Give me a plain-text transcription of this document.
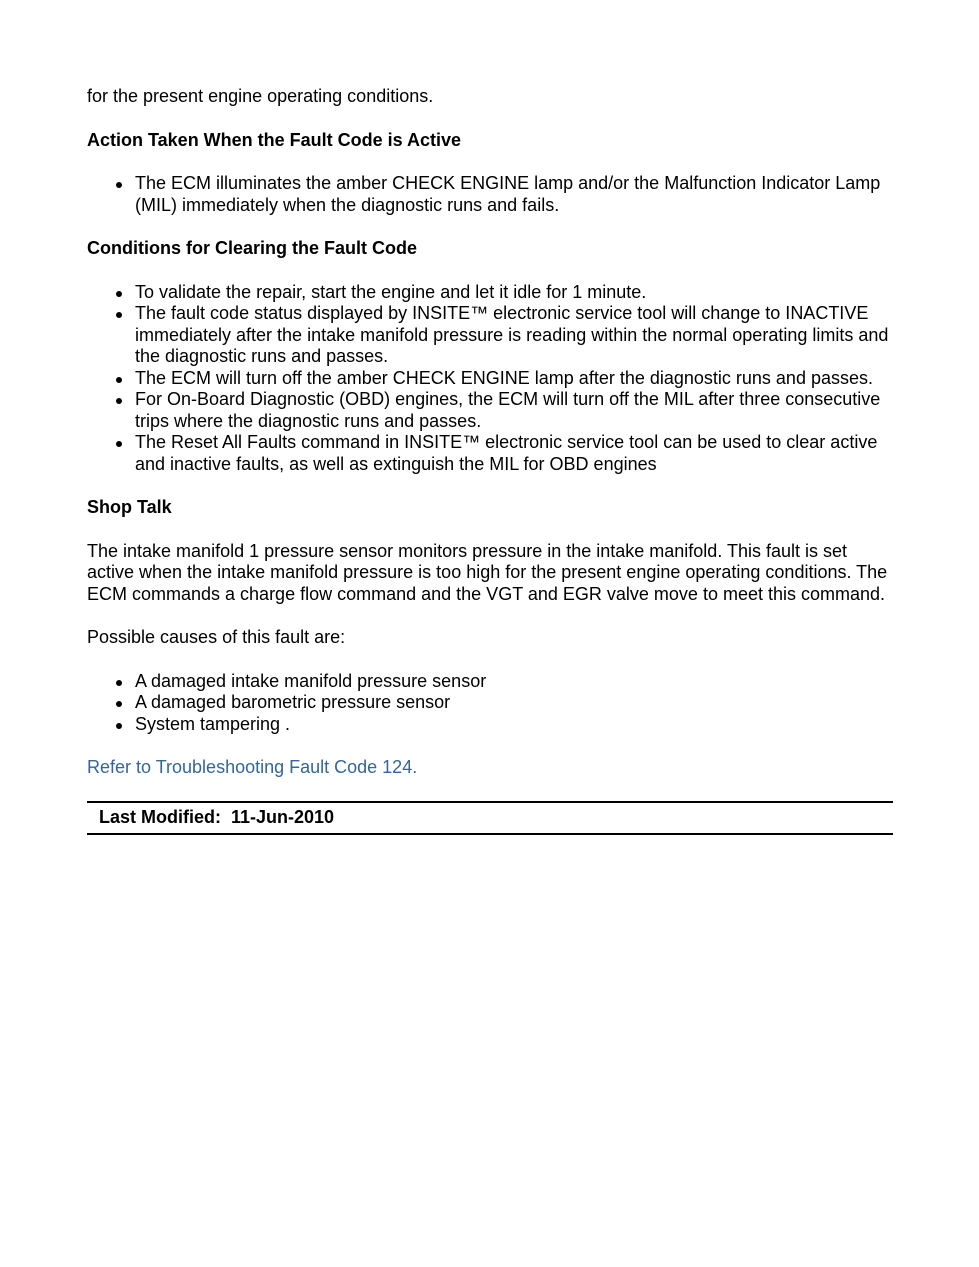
for the present engine operating conditions.

Action Taken When the Fault Code is Active
The ECM illuminates the amber CHECK ENGINE lamp and/or the Malfunction Indicator Lamp (MIL) immediately when the diagnostic runs and fails.
Conditions for Clearing the Fault Code
To validate the repair, start the engine and let it idle for 1 minute.
The fault code status displayed by INSITE™ electronic service tool will change to INACTIVE immediately after the intake manifold pressure is reading within the normal operating limits and the diagnostic runs and passes.
The ECM will turn off the amber CHECK ENGINE lamp after the diagnostic runs and passes.
For On-Board Diagnostic (OBD) engines, the ECM will turn off the MIL after three consecutive trips where the diagnostic runs and passes.
The Reset All Faults command in INSITE™ electronic service tool can be used to clear active and inactive faults, as well as extinguish the MIL for OBD engines
Shop Talk

The intake manifold 1 pressure sensor monitors pressure in the intake manifold. This fault is set active when the intake manifold pressure is too high for the present engine operating conditions. The ECM commands a charge flow command and the VGT and EGR valve move to meet this command.

Possible causes of this fault are:

A damaged intake manifold pressure sensor
A damaged barometric pressure sensor
System tampering .
Refer to Troubleshooting Fault Code 124.
Last Modified: 11-Jun-2010
